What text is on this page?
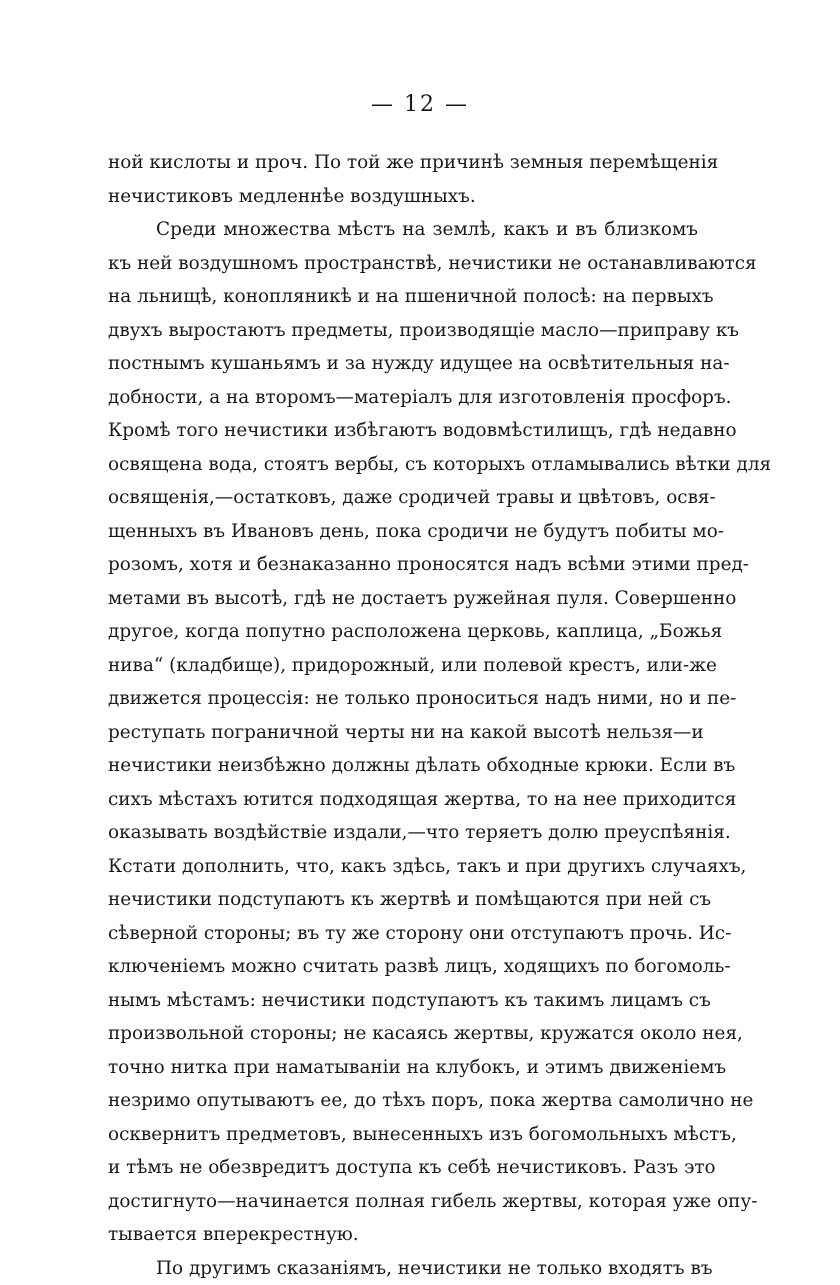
— 12 —
ной кислоты и проч. По той же причинѣ земныя перемѣщенія
нечистиковъ медленнѣе воздушныхъ.
Среди множества мѣстъ на землѣ, какъ и въ близкомъ
къ ней воздушномъ пространствѣ, нечистики не останавливаются
на льнищѣ, конопляникѣ и на пшеничной полосѣ: на первыхъ
двухъ выростаютъ предметы, производящіе масло—приправу къ
постнымъ кушаньямъ и за нужду идущее на освѣтительныя на-
добности, а на второмъ—матеріалъ для изготовленія просфоръ.
Кромѣ того нечистики избѣгаютъ водовмѣстилищъ, гдѣ недавно
освящена вода, стоятъ вербы, съ которыхъ отламывались вѣтки для
освященія,—остатковъ, даже сродичей травы и цвѣтовъ, освя-
щенныхъ въ Ивановъ день, пока сродичи не будутъ побиты мо-
розомъ, хотя и безнаказанно проносятся надъ всѣми этими пред-
метами въ высотѣ, гдѣ не достаетъ ружейная пуля. Совершенно
другое, когда попутно расположена церковь, каплица, „Божья
нива“ (кладбище), придорожный, или полевой крестъ, или-же
движется процессія: не только проноситься надъ ними, но и пе-
реступать пограничной черты ни на какой высотѣ нельзя—и
нечистики неизбѣжно должны дѣлать обходные крюки. Если въ
сихъ мѣстахъ ютится подходящая жертва, то на нее приходится
оказывать воздѣйствіе издали,—что теряетъ долю преуспѣянія.
Кстати дополнить, что, какъ здѣсь, такъ и при другихъ случаяхъ,
нечистики подступаютъ къ жертвѣ и помѣщаются при ней съ
сѣверной стороны; въ ту же сторону они отступаютъ прочь. Ис-
ключеніемъ можно считать развѣ лицъ, ходящихъ по богомоль-
нымъ мѣстамъ: нечистики подступаютъ къ такимъ лицамъ съ
произвольной стороны; не касаясь жертвы, кружатся около нея,
точно нитка при наматываніи на клубокъ, и этимъ движеніемъ
незримо опутываютъ ее, до тѣхъ поръ, пока жертва самолично не
осквернитъ предметовъ, вынесенныхъ изъ богомольныхъ мѣстъ,
и тѣмъ не обезвредитъ доступа къ себѣ нечистиковъ. Разъ это
достигнуто—начинается полная гибель жертвы, которая уже опу-
тывается вперекрестную.
По другимъ сказаніямъ, нечистики не только входятъ въ
